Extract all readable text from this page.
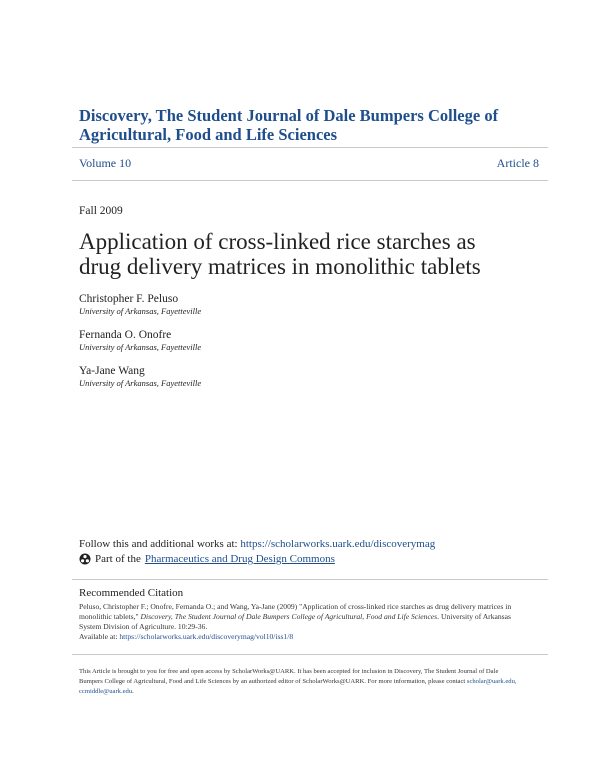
Discovery, The Student Journal of Dale Bumpers College of Agricultural, Food and Life Sciences
Volume 10	Article 8
Fall 2009
Application of cross-linked rice starches as drug delivery matrices in monolithic tablets
Christopher F. Peluso
University of Arkansas, Fayetteville
Fernanda O. Onofre
University of Arkansas, Fayetteville
Ya-Jane Wang
University of Arkansas, Fayetteville
Follow this and additional works at: https://scholarworks.uark.edu/discoverymag
Part of the Pharmaceutics and Drug Design Commons
Recommended Citation
Peluso, Christopher F.; Onofre, Fernanda O.; and Wang, Ya-Jane (2009) "Application of cross-linked rice starches as drug delivery matrices in monolithic tablets," Discovery, The Student Journal of Dale Bumpers College of Agricultural, Food and Life Sciences. University of Arkansas System Division of Agriculture. 10:29-36.
Available at: https://scholarworks.uark.edu/discoverymag/vol10/iss1/8
This Article is brought to you for free and open access by ScholarWorks@UARK. It has been accepted for inclusion in Discovery, The Student Journal of Dale Bumpers College of Agricultural, Food and Life Sciences by an authorized editor of ScholarWorks@UARK. For more information, please contact scholar@uark.edu, ccmiddle@uark.edu.
